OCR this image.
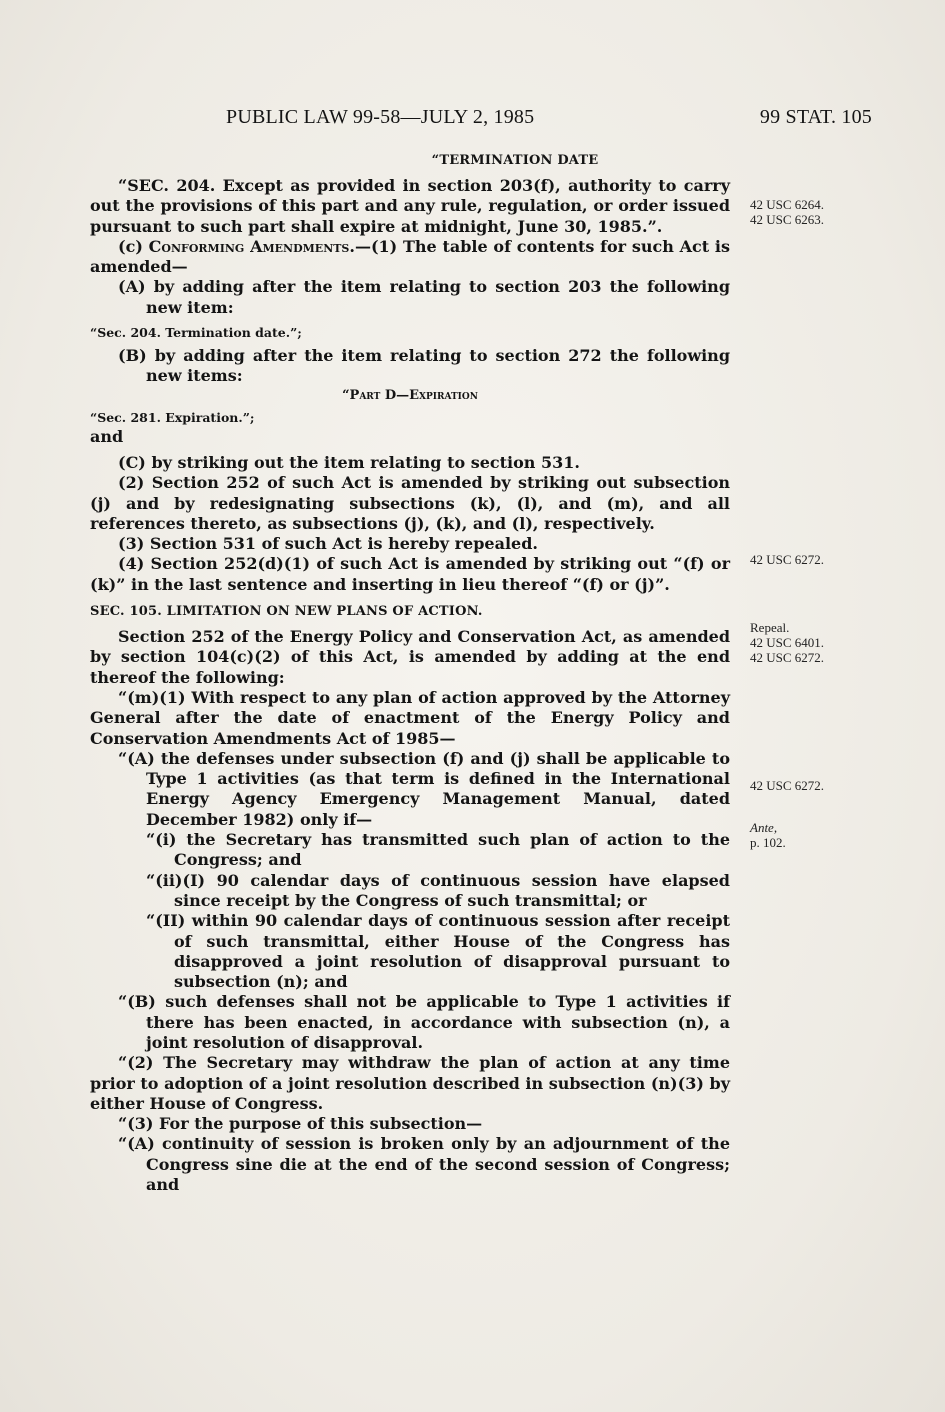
PUBLIC LAW 99-58—JULY 2, 1985	99 STAT. 105

“TERMINATION DATE

“SEC. 204. Except as provided in section 203(f), authority to carry out the provisions of this part and any rule, regulation, or order issued pursuant to such part shall expire at midnight, June 30, 1985.”.

(c) Conforming Amendments.—(1) The table of contents for such Act is amended—

(A) by adding after the item relating to section 203 the following new item:

“Sec. 204. Termination date.”;

(B) by adding after the item relating to section 272 the following new items:

“Part D—Expiration

“Sec. 281. Expiration.”;

and

(C) by striking out the item relating to section 531.

(2) Section 252 of such Act is amended by striking out subsection (j) and by redesignating subsections (k), (l), and (m), and all references thereto, as subsections (j), (k), and (l), respectively.

(3) Section 531 of such Act is hereby repealed.

(4) Section 252(d)(1) of such Act is amended by striking out “(f) or (k)” in the last sentence and inserting in lieu thereof “(f) or (j)”.

SEC. 105. LIMITATION ON NEW PLANS OF ACTION.

Section 252 of the Energy Policy and Conservation Act, as amended by section 104(c)(2) of this Act, is amended by adding at the end thereof the following:

“(m)(1) With respect to any plan of action approved by the Attorney General after the date of enactment of the Energy Policy and Conservation Amendments Act of 1985—

“(A) the defenses under subsection (f) and (j) shall be applicable to Type 1 activities (as that term is defined in the International Energy Agency Emergency Management Manual, dated December 1982) only if—

“(i) the Secretary has transmitted such plan of action to the Congress; and

“(ii)(I) 90 calendar days of continuous session have elapsed since receipt by the Congress of such transmittal; or

“(II) within 90 calendar days of continuous session after receipt of such transmittal, either House of the Congress has disapproved a joint resolution of disapproval pursuant to subsection (n); and

“(B) such defenses shall not be applicable to Type 1 activities if there has been enacted, in accordance with subsection (n), a joint resolution of disapproval.

“(2) The Secretary may withdraw the plan of action at any time prior to adoption of a joint resolution described in subsection (n)(3) by either House of Congress.

“(3) For the purpose of this subsection—

“(A) continuity of session is broken only by an adjournment of the Congress sine die at the end of the second session of Congress; and

42 USC 6264.
42 USC 6263.
42 USC 6272.
Repeal.
42 USC 6401.
42 USC 6272.
42 USC 6272.
Ante,
p. 102.
